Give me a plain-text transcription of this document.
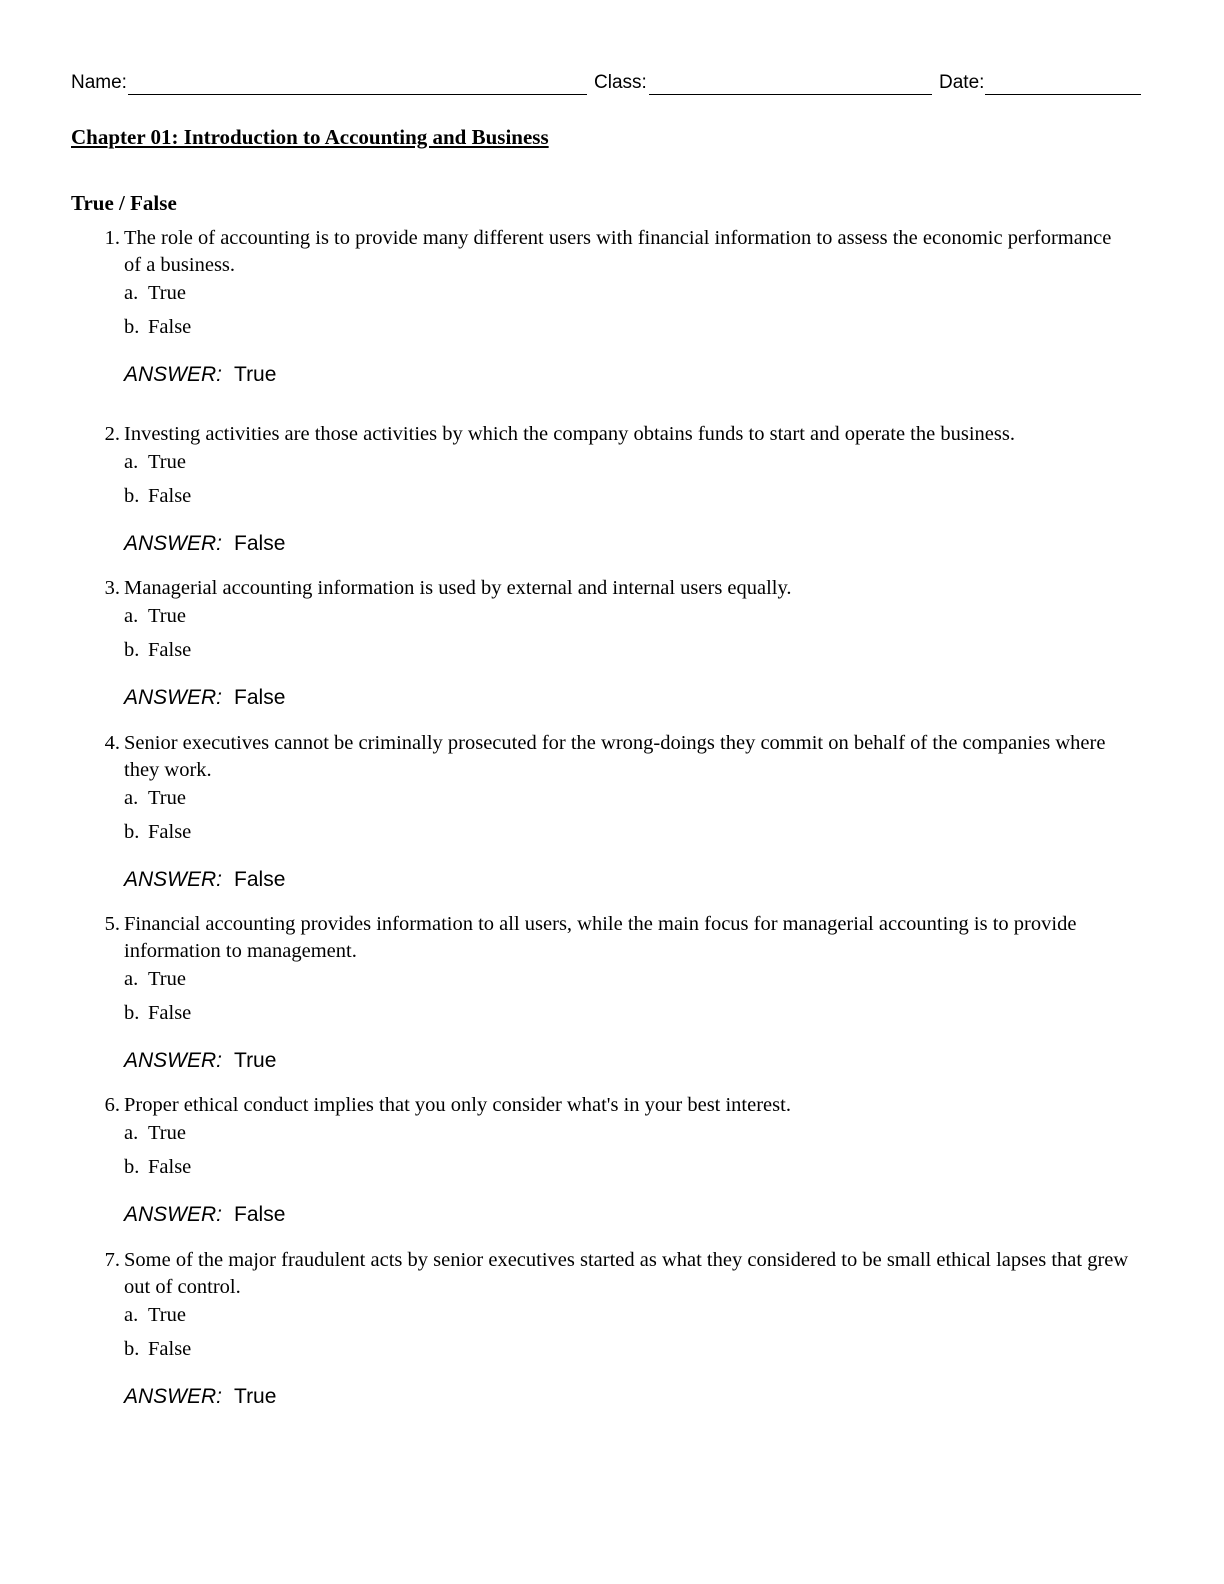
Name:	Class:	Date:
Chapter 01: Introduction to Accounting and Business
True / False
1. The role of accounting is to provide many different users with financial information to assess the economic performance of a business.
a. True
b. False
ANSWER: True
2. Investing activities are those activities by which the company obtains funds to start and operate the business.
a. True
b. False
ANSWER: False
3. Managerial accounting information is used by external and internal users equally.
a. True
b. False
ANSWER: False
4. Senior executives cannot be criminally prosecuted for the wrong-doings they commit on behalf of the companies where they work.
a. True
b. False
ANSWER: False
5. Financial accounting provides information to all users, while the main focus for managerial accounting is to provide information to management.
a. True
b. False
ANSWER: True
6. Proper ethical conduct implies that you only consider what's in your best interest.
a. True
b. False
ANSWER: False
7. Some of the major fraudulent acts by senior executives started as what they considered to be small ethical lapses that grew out of control.
a. True
b. False
ANSWER: True
